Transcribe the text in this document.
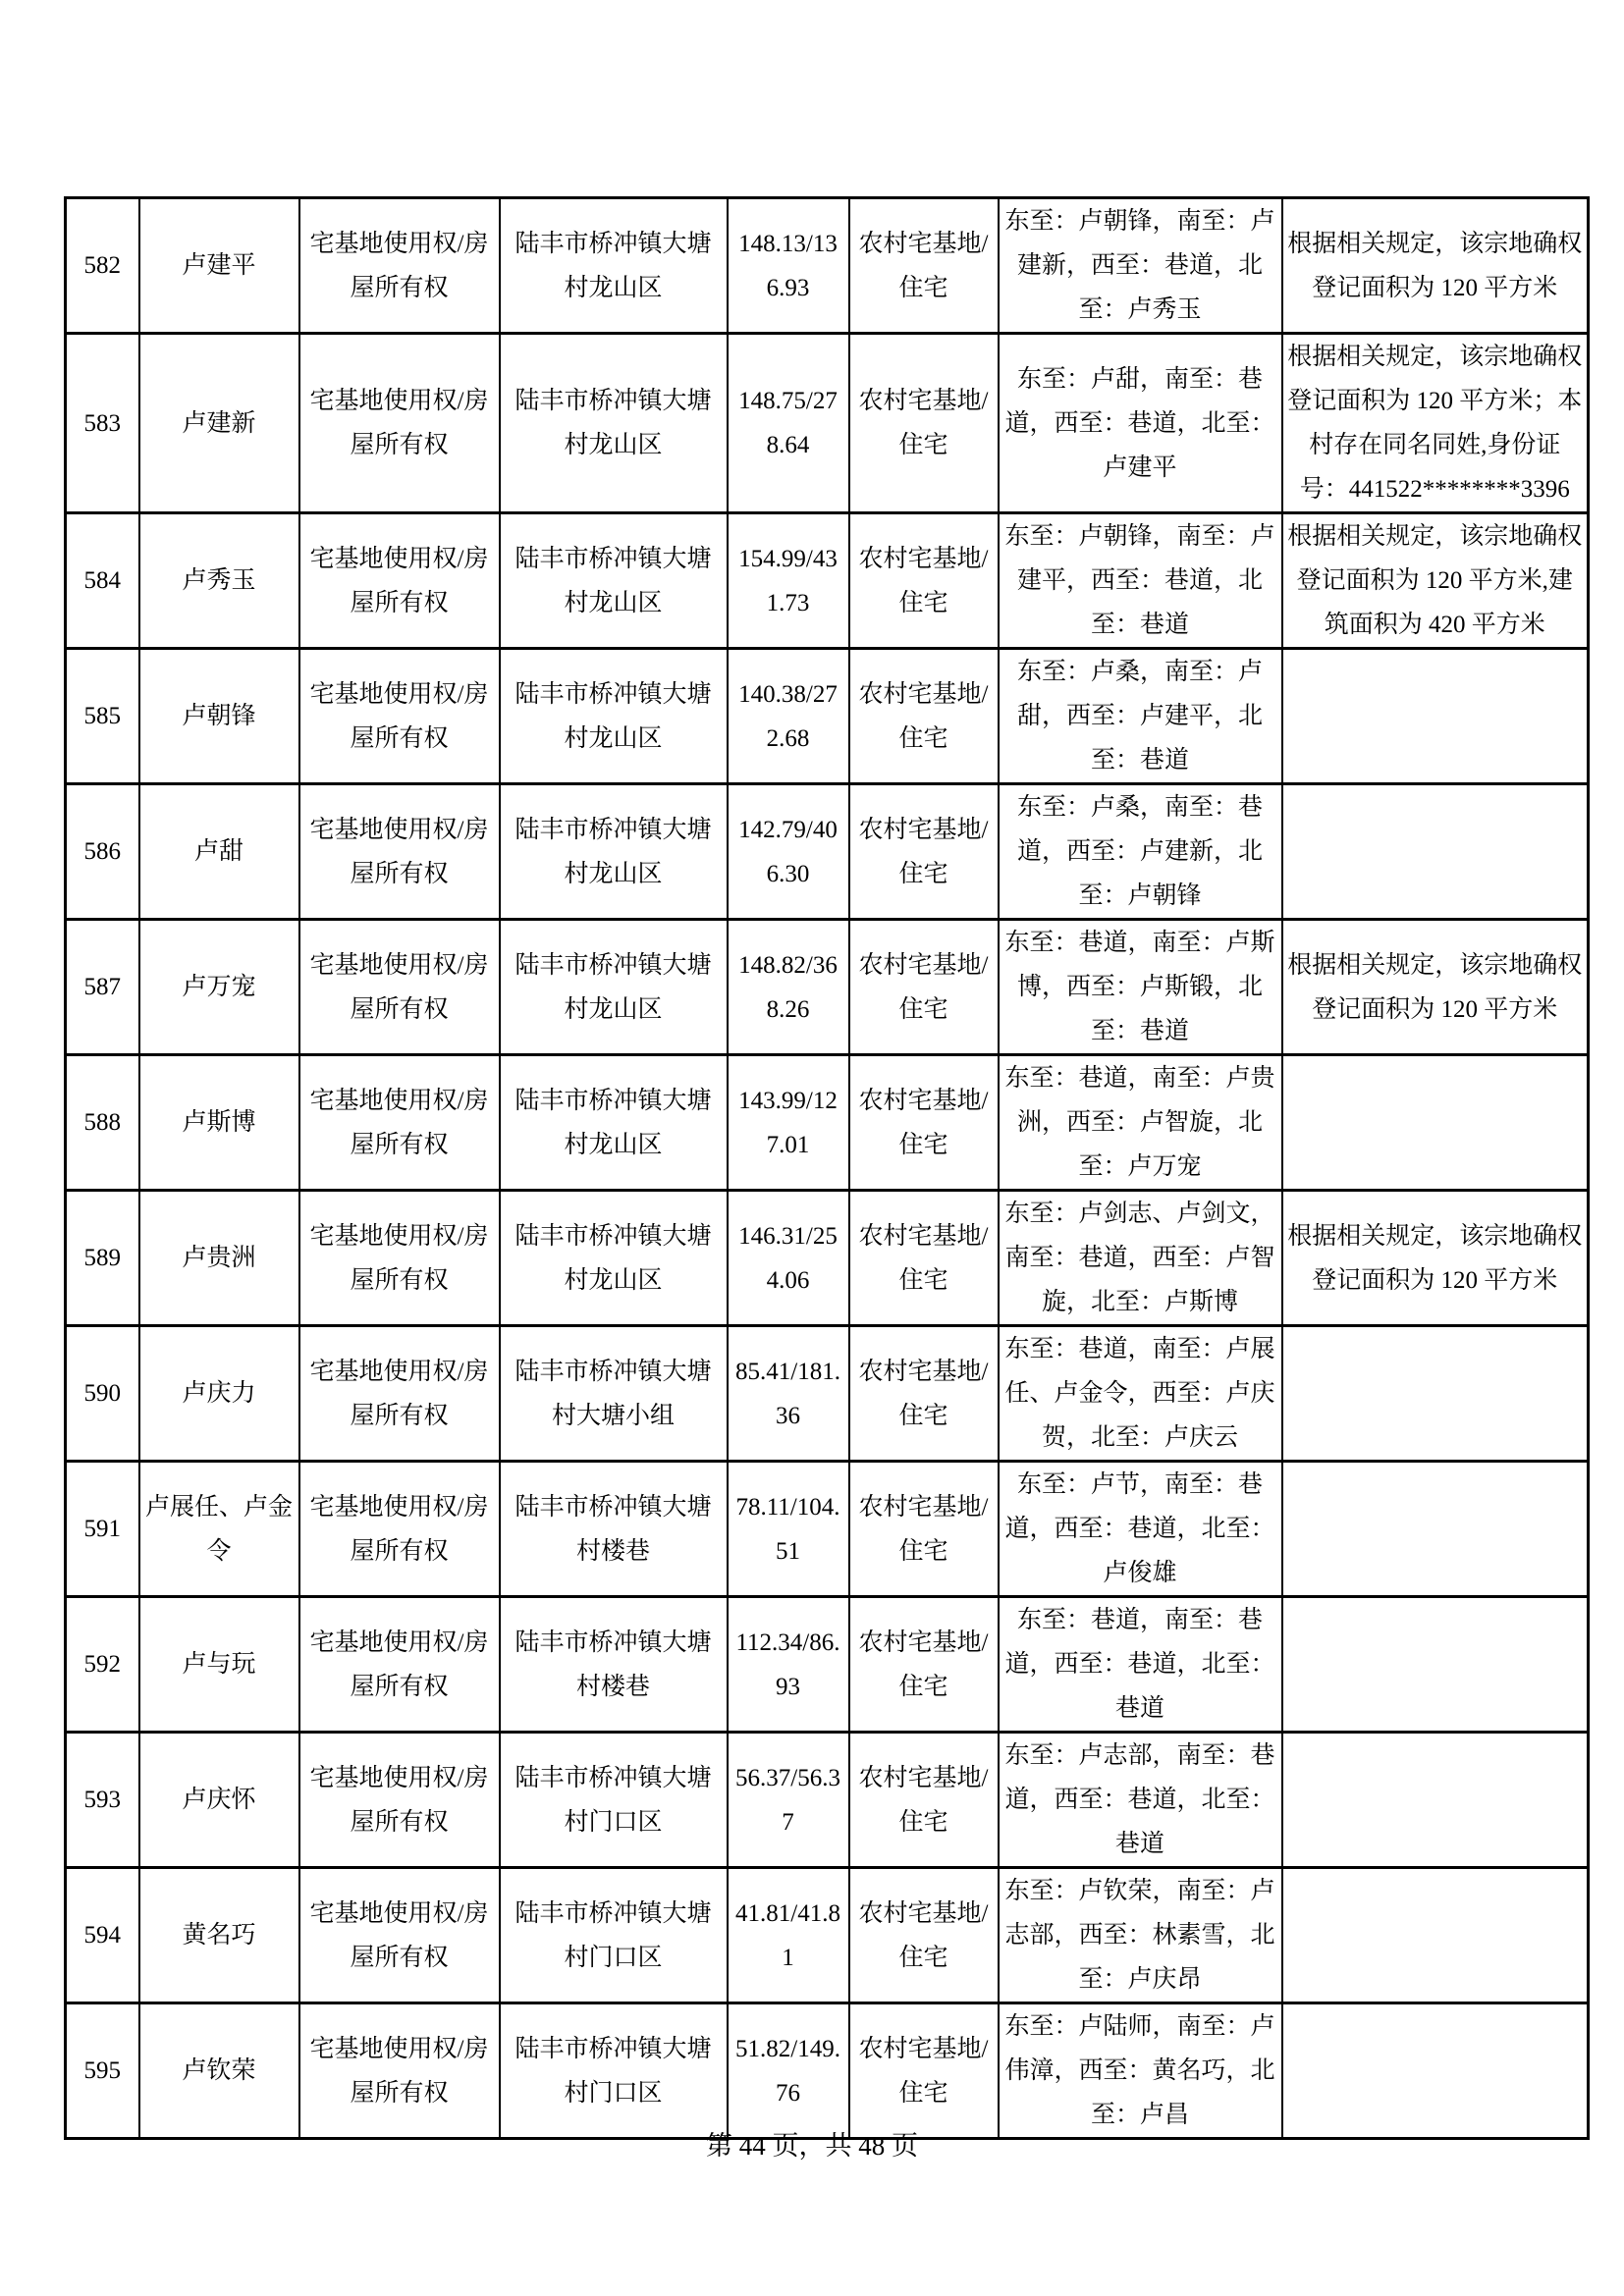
582	卢建平	宅基地使用权/房屋所有权	陆丰市桥冲镇大塘村龙山区	148.13/136.93	农村宅基地/住宅	东至：卢朝锋，南至：卢建新，西至：巷道，北至：卢秀玉	根据相关规定，该宗地确权登记面积为 120 平方米
583	卢建新	宅基地使用权/房屋所有权	陆丰市桥冲镇大塘村龙山区	148.75/278.64	农村宅基地/住宅	东至：卢甜，南至：巷道，西至：巷道，北至：卢建平	根据相关规定，该宗地确权登记面积为 120 平方米；本村存在同名同姓,身份证号：441522********3396
584	卢秀玉	宅基地使用权/房屋所有权	陆丰市桥冲镇大塘村龙山区	154.99/431.73	农村宅基地/住宅	东至：卢朝锋，南至：卢建平，西至：巷道，北至：巷道	根据相关规定，该宗地确权登记面积为 120 平方米,建筑面积为 420 平方米
585	卢朝锋	宅基地使用权/房屋所有权	陆丰市桥冲镇大塘村龙山区	140.38/272.68	农村宅基地/住宅	东至：卢桑，南至：卢甜，西至：卢建平，北至：巷道	
586	卢甜	宅基地使用权/房屋所有权	陆丰市桥冲镇大塘村龙山区	142.79/406.30	农村宅基地/住宅	东至：卢桑，南至：巷道，西至：卢建新，北至：卢朝锋	
587	卢万宠	宅基地使用权/房屋所有权	陆丰市桥冲镇大塘村龙山区	148.82/368.26	农村宅基地/住宅	东至：巷道，南至：卢斯博，西至：卢斯锻，北至：巷道	根据相关规定，该宗地确权登记面积为 120 平方米
588	卢斯博	宅基地使用权/房屋所有权	陆丰市桥冲镇大塘村龙山区	143.99/127.01	农村宅基地/住宅	东至：巷道，南至：卢贵洲，西至：卢智旋，北至：卢万宠	
589	卢贵洲	宅基地使用权/房屋所有权	陆丰市桥冲镇大塘村龙山区	146.31/254.06	农村宅基地/住宅	东至：卢剑志、卢剑文，南至：巷道，西至：卢智旋，北至：卢斯博	根据相关规定，该宗地确权登记面积为 120 平方米
590	卢庆力	宅基地使用权/房屋所有权	陆丰市桥冲镇大塘村大塘小组	85.41/181.36	农村宅基地/住宅	东至：巷道，南至：卢展任、卢金令，西至：卢庆贺，北至：卢庆云	
591	卢展任、卢金令	宅基地使用权/房屋所有权	陆丰市桥冲镇大塘村楼巷	78.11/104.51	农村宅基地/住宅	东至：卢节，南至：巷道，西至：巷道，北至：卢俊雄	
592	卢与玩	宅基地使用权/房屋所有权	陆丰市桥冲镇大塘村楼巷	112.34/86.93	农村宅基地/住宅	东至：巷道，南至：巷道，西至：巷道，北至：巷道	
593	卢庆怀	宅基地使用权/房屋所有权	陆丰市桥冲镇大塘村门口区	56.37/56.37	农村宅基地/住宅	东至：卢志部，南至：巷道，西至：巷道，北至：巷道	
594	黄名巧	宅基地使用权/房屋所有权	陆丰市桥冲镇大塘村门口区	41.81/41.81	农村宅基地/住宅	东至：卢钦荣，南至：卢志部，西至：林素雪，北至：卢庆昂	
595	卢钦荣	宅基地使用权/房屋所有权	陆丰市桥冲镇大塘村门口区	51.82/149.76	农村宅基地/住宅	东至：卢陆师，南至：卢伟漳，西至：黄名巧，北至：卢昌	
第 44 页，共 48 页
